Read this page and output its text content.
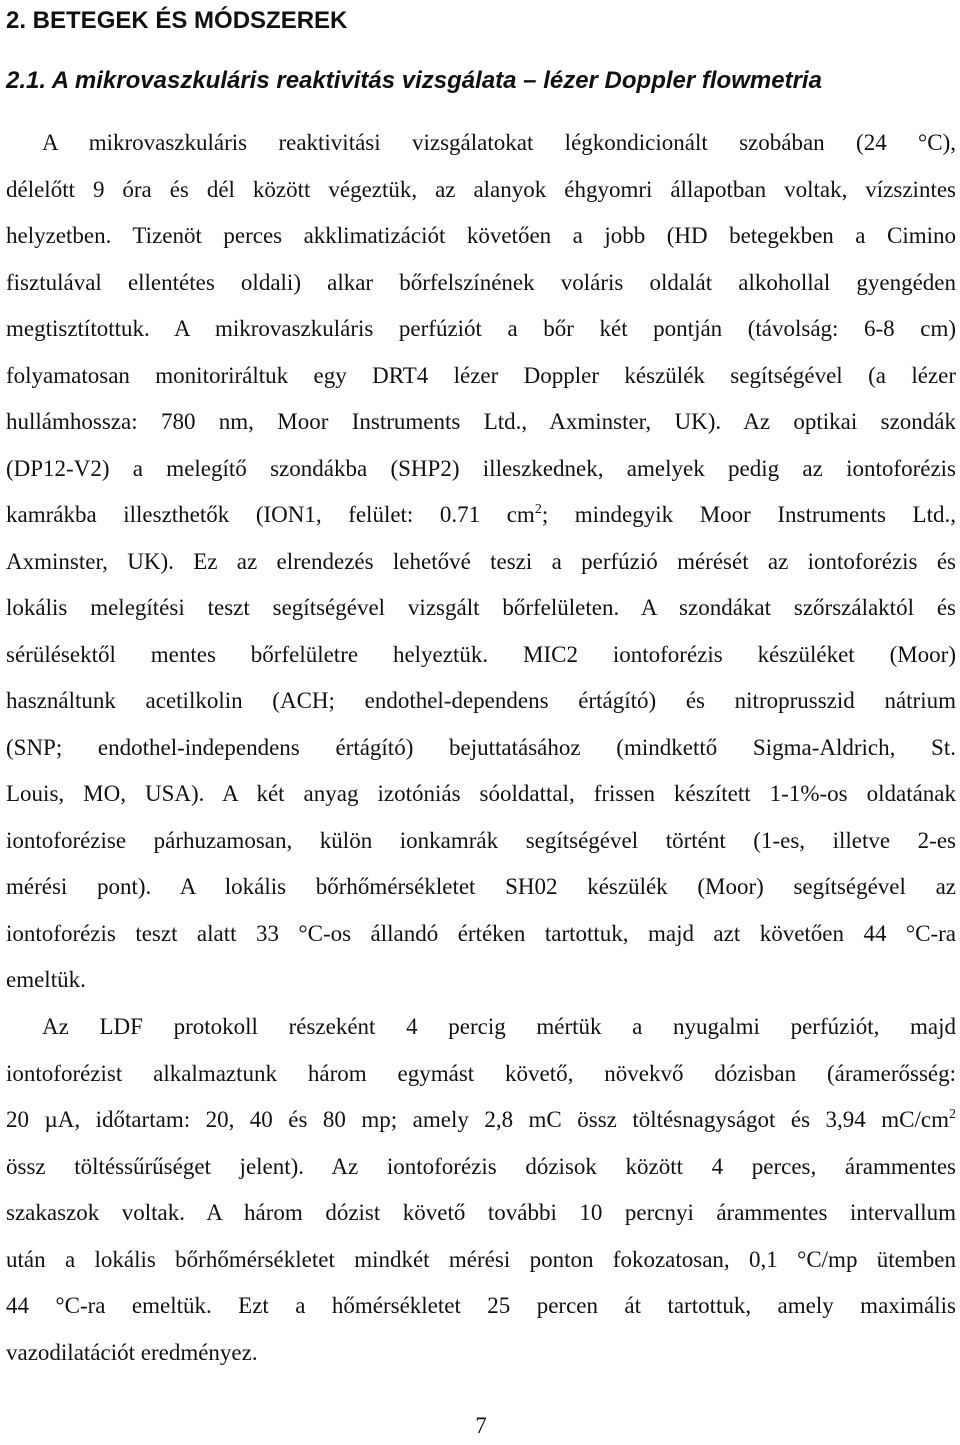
2. BETEGEK ÉS MÓDSZEREK
2.1. A mikrovaszkuláris reaktivitás vizsgálata – lézer Doppler flowmetria
A mikrovaszkuláris reaktivitási vizsgálatokat légkondicionált szobában (24 °C),
délelőtt 9 óra és dél között végeztük, az alanyok éhgyomri állapotban voltak, vízszintes
helyzetben. Tizenöt perces akklimatizációt követően a jobb (HD betegekben a Cimino
fisztulával ellentétes oldali) alkar bőrfelszínének voláris oldalát alkohollal gyengéden
megtisztítottuk. A mikrovaszkuláris perfúziót a bőr két pontján (távolság: 6-8 cm)
folyamatosan monitoriráltuk egy DRT4 lézer Doppler készülék segítségével (a lézer
hullámhossza: 780 nm, Moor Instruments Ltd., Axminster, UK). Az optikai szondák
(DP12-V2) a melegítő szondákba (SHP2) illeszkednek, amelyek pedig az iontoforézis
kamrákba illeszthetők (ION1, felület: 0.71 $cm^2$; mindegyik Moor Instruments Ltd.,
Axminster, UK). Ez az elrendezés lehetővé teszi a perfúzió mérését az iontoforézis és
lokális melegítési teszt segítségével vizsgált bőrfelületen. A szondákat szőrszálaktól és
sérülésektől mentes bőrfelületre helyeztük. MIC2 iontoforézis készüléket (Moor)
használtunk acetilkolin (ACH; endothel-dependens értágító) és nitroprusszid nátrium
(SNP; endothel-independens értágító) bejuttatásához (mindkettő Sigma-Aldrich, St.
Louis, MO, USA). A két anyag izotóniás sóoldattal, frissen készített 1-1%-os oldatának
iontoforézise párhuzamosan, külön ionkamrák segítségével történt (1-es, illetve 2-es
mérési pont). A lokális bőrhőmérsékletet SH02 készülék (Moor) segítségével az
iontoforézis teszt alatt 33 °C-os állandó értéken tartottuk, majd azt követően 44 °C-ra
emeltük.
Az LDF protokoll részeként 4 percig mértük a nyugalmi perfúziót, majd
iontoforézist alkalmaztunk három egymást követő, növekvő dózisban (áramerősség:
20 µA, időtartam: 20, 40 és 80 mp; amely 2,8 mC össz töltésnagyságot és 3,94 $mC/cm^2$
össz töltéssűrűséget jelent). Az iontoforézis dózisok között 4 perces, árammentes
szakaszok voltak. A három dózist követő további 10 percnyi árammentes intervallum
után a lokális bőrhőmérsékletet mindkét mérési ponton fokozatosan, 0,1 °C/mp ütemben
44 °C-ra emeltük. Ezt a hőmérsékletet 25 percen át tartottuk, amely maximális
vazodilatációt eredményez.
7
